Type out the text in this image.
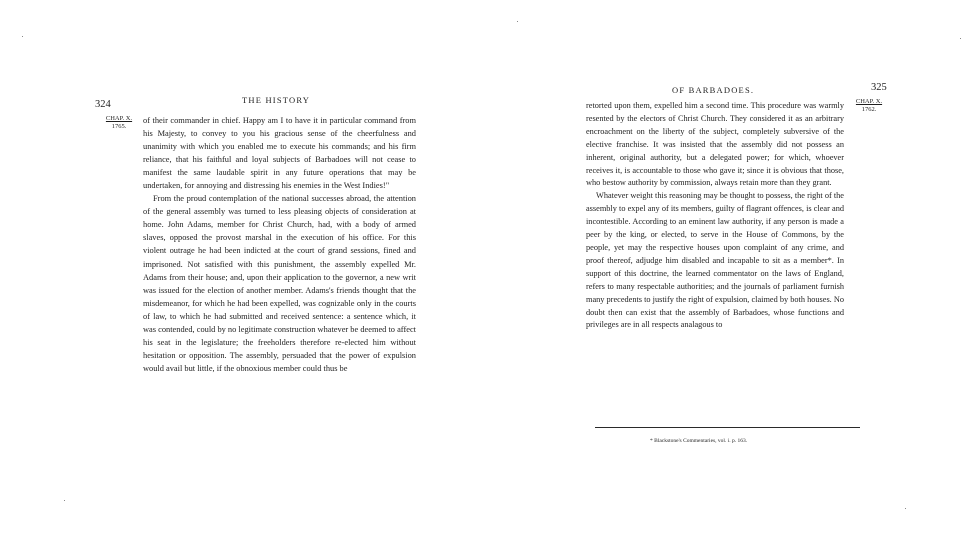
324	THE HISTORY
CHAP. X.
1765.

of their commander in chief. Happy am I to have it in particular command from his Majesty, to convey to you his gracious sense of the cheerfulness and unanimity with which you enabled me to execute his commands; and his firm reliance, that his faithful and loyal subjects of Barbadoes will not cease to manifest the same laudable spirit in any future operations that may be undertaken, for annoying and distressing his enemies in the West Indies!"

From the proud contemplation of the national successes abroad, the attention of the general assembly was turned to less pleasing objects of consideration at home. John Adams, member for Christ Church, had, with a body of armed slaves, opposed the provost marshal in the execution of his office. For this violent outrage he had been indicted at the court of grand sessions, fined and imprisoned. Not satisfied with this punishment, the assembly expelled Mr. Adams from their house; and, upon their application to the governor, a new writ was issued for the election of another member. Adams's friends thought that the misdemeanor, for which he had been expelled, was cognizable only in the courts of law, to which he had submitted and received sentence: a sentence which, it was contended, could by no legitimate construction whatever be deemed to affect his seat in the legislature; the freeholders therefore re-elected him without hesitation or opposition. The assembly, persuaded that the power of expulsion would avail but little, if the obnoxious member could thus be

OF BARBADOES.	325
CHAP. X.
1762.

retorted upon them, expelled him a second time. This procedure was warmly resented by the electors of Christ Church. They considered it as an arbitrary encroachment on the liberty of the subject, completely subversive of the elective franchise. It was insisted that the assembly did not possess an inherent, original authority, but a delegated power; for which, whoever receives it, is accountable to those who gave it; since it is obvious that those, who bestow authority by commission, always retain more than they grant.

Whatever weight this reasoning may be thought to possess, the right of the assembly to expel any of its members, guilty of flagrant offences, is clear and incontestible. According to an eminent law authority, if any person is made a peer by the king, or elected, to serve in the House of Commons, by the people, yet may the respective houses upon complaint of any crime, and proof thereof, adjudge him disabled and incapable to sit as a member*. In support of this doctrine, the learned commentator on the laws of England, refers to many respectable authorities; and the journals of parliament furnish many precedents to justify the right of expulsion, claimed by both houses. No doubt then can exist that the assembly of Barbadoes, whose functions and privileges are in all respects analagous to

* Blackstone's Commentaries, vol. i. p. 163.
